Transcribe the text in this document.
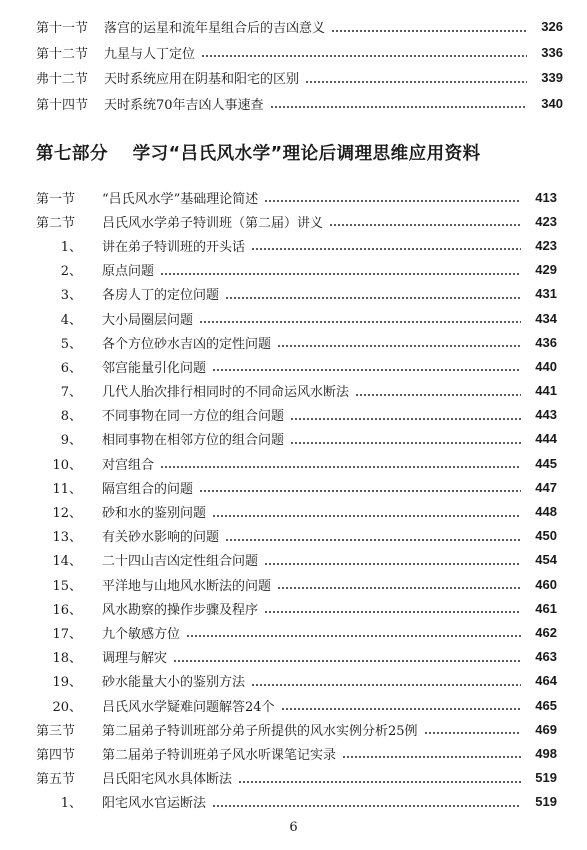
第十一节	落宫的运星和流年星组合后的吉凶意义	326
第十二节	九星与人丁定位	336
弗十二节	天时系统应用在阴基和阳宅的区别	339
第十四节	天时系统70年吉凶人事速查	340
第七部分 学习“吕氏风水学”理论后调理思维应用资料
第一节	“吕氏风水学”基础理论简述	413
第二节	吕氏风水学弟子特训班（第二届）讲义	423
1、	讲在弟子特训班的开头话	423
2、	原点问题	429
3、	各房人丁的定位问题	431
4、	大小局圈层问题	434
5、	各个方位砂水吉凶的定性问题	436
6、	邻宫能量引化问题	440
7、	几代人胎次排行相同时的不同命运风水断法	441
8、	不同事物在同一方位的组合问题	443
9、	相同事物在相邻方位的组合问题	444
10、	对宫组合	445
11、	隔宫组合的问题	447
12、	砂和水的鉴别问题	448
13、	有关砂水影响的问题	450
14、	二十四山吉凶定性组合问题	454
15、	平洋地与山地风水断法的问题	460
16、	风水勘察的操作步骤及程序	461
17、	九个敏感方位	462
18、	调理与解灾	463
19、	砂水能量大小的鉴别方法	464
20、	吕氏风水学疑难问题解答24个	465
第三节	第二届弟子特训班部分弟子所提供的风水实例分析25例	469
第四节	第二届弟子特训班弟子风水听课笔记实录	498
第五节	吕氏阳宅风水具体断法	519
1、	阳宅风水官运断法	519
6
